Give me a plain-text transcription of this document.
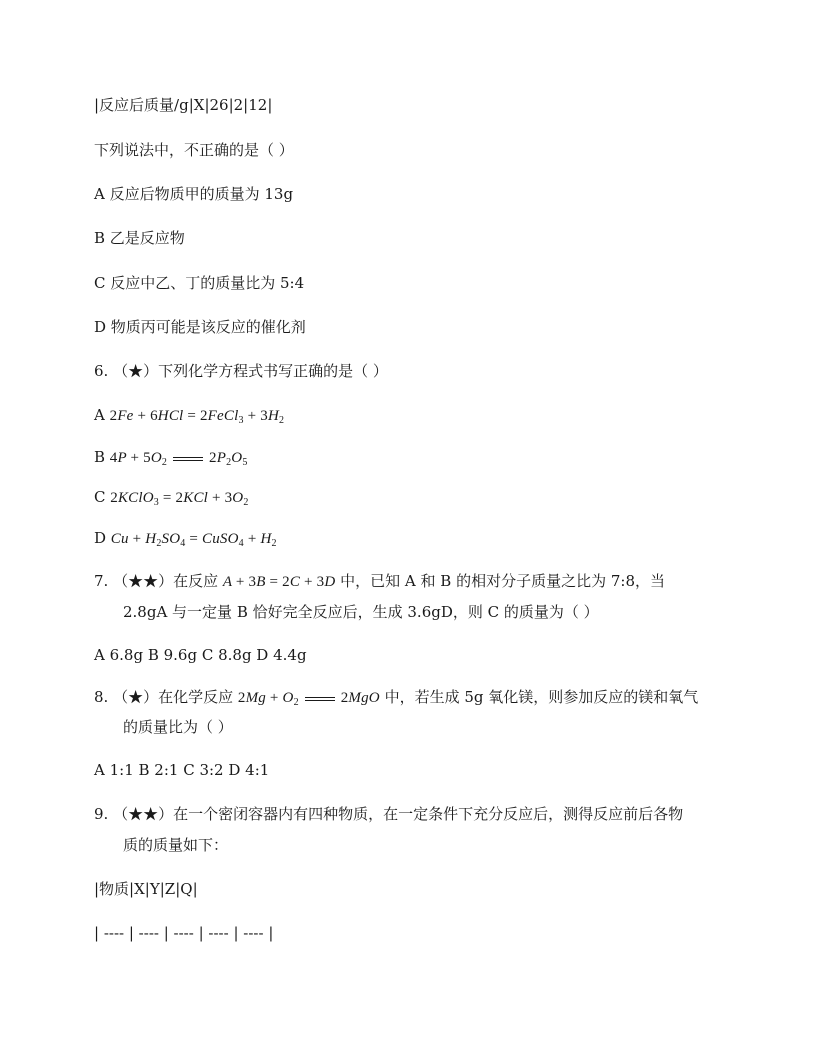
|反应后质量/g|X|26|2|12|
下列说法中，不正确的是（ ）
A 反应后物质甲的质量为 13g
B 乙是反应物
C 反应中乙、丁的质量比为 5:4
D 物质丙可能是该反应的催化剂
6. （★）下列化学方程式书写正确的是（ ）
A 2Fe + 6HCl = 2FeCl$_3$ + $3H_2$
B $4P + 5O_2$	$2P_2O_5$
C 2KClO$_3$ = $2KCl + 3O_2$
D $Cu + H_2SO_4$ = CuSO$_4$ + $H_2$
7. （★★）在反应 A + 3B = 2C + 3D 中，已知 A 和 B 的相对分子质量之比为 7:8，当
2.8gA 与一定量 B 恰好完全反应后，生成 3.6gD，则 C 的质量为（ ）
A 6.8g B 9.6g C 8.8g D 4.4g
8. （★）在化学反应 $2Mg + O_2$	2MgO 中，若生成 5g 氧化镁，则参加反应的镁和氧气
的质量比为（ ）
A 1:1 B 2:1 C 3:2 D 4:1
9. （★★）在一个密闭容器内有四种物质，在一定条件下充分反应后，测得反应前后各物
质的质量如下：
|物质|X|Y|Z|Q|
| ---- | ---- | ---- | ---- | ---- |
